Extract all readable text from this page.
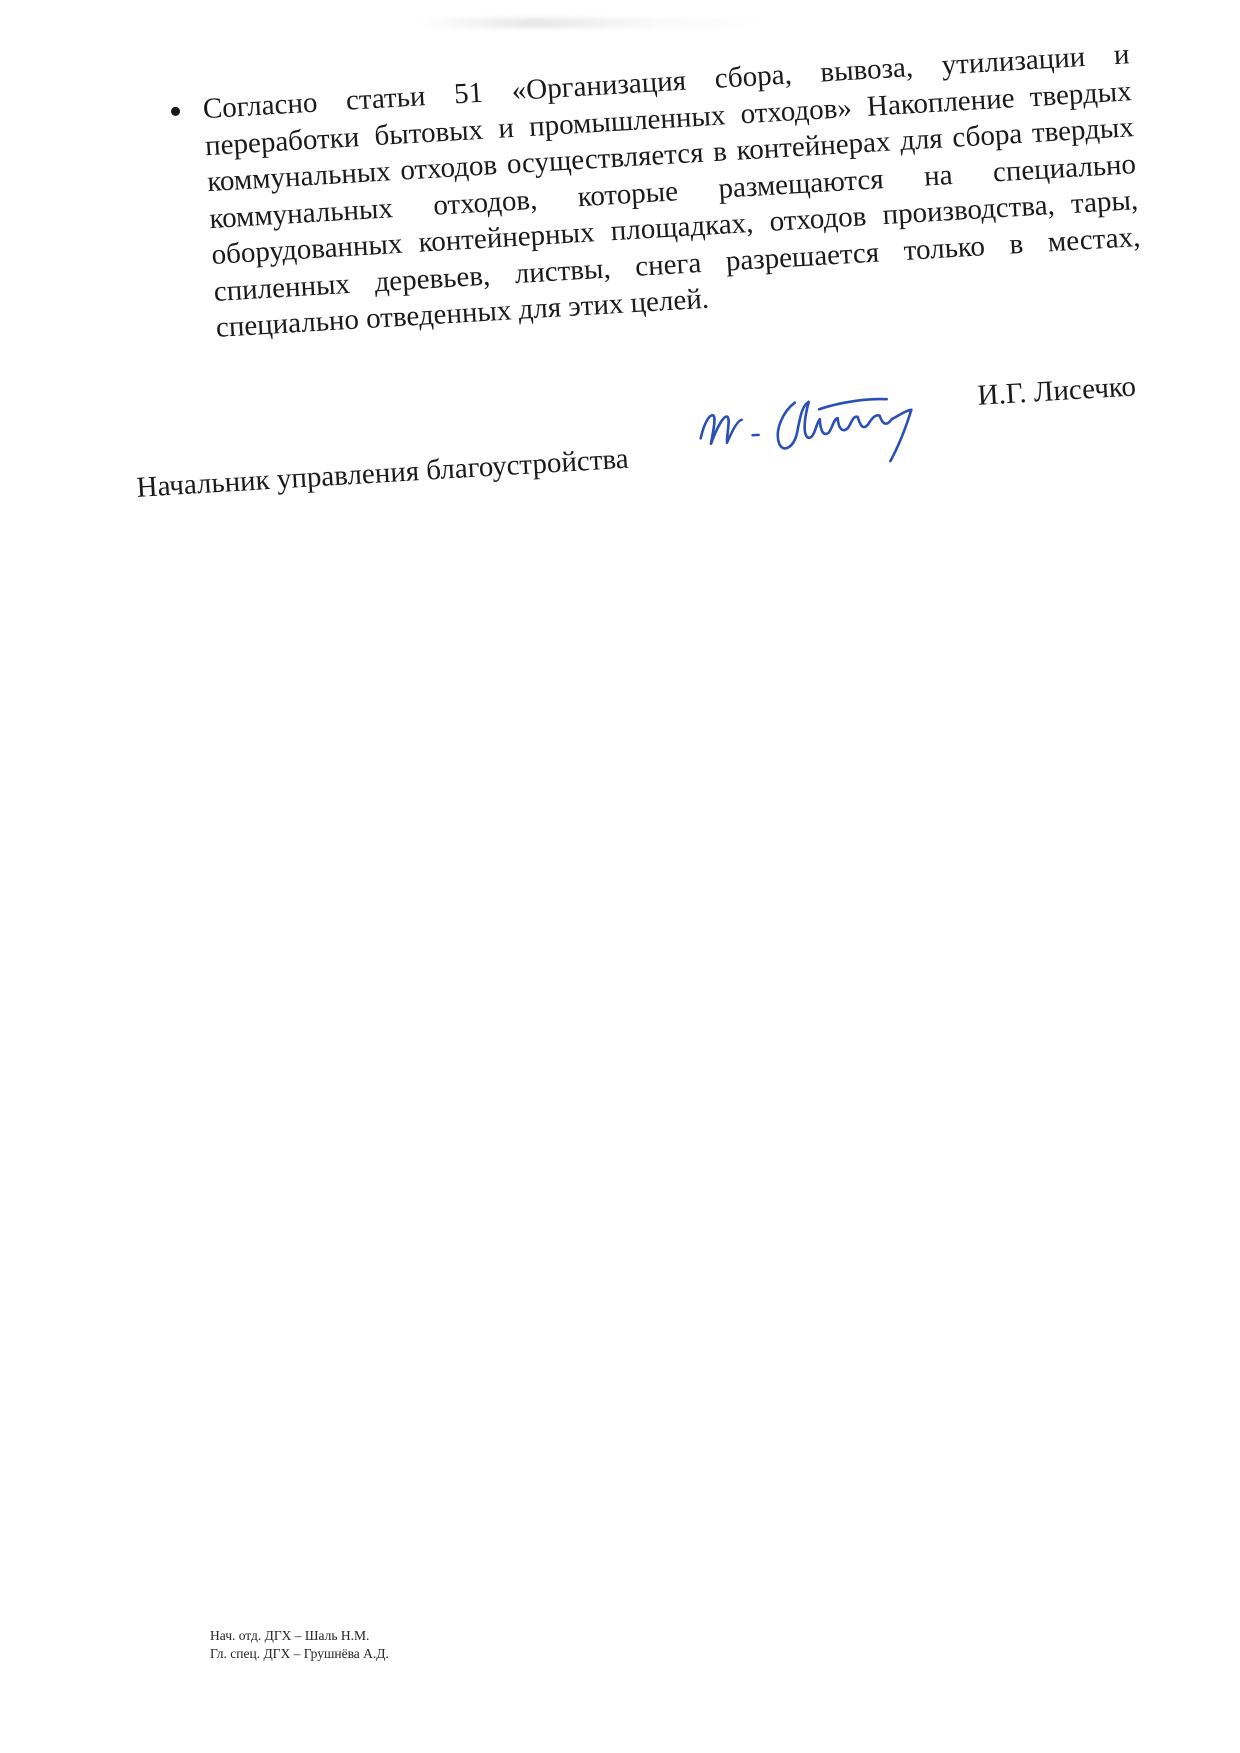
Согласно статьи 51 «Организация сбора, вывоза, утилизации и переработки бытовых и промышленных отходов» Накопление твердых коммунальных отходов осуществляется в контейнерах для сбора твердых коммунальных отходов, которые размещаются на специально оборудованных контейнерных площадках, отходов производства, тары, спиленных деревьев, листвы, снега разрешается только в местах, специально отведенных для этих целей.
Начальник управления благоустройства
И.Г. Лисечко
Нач. отд. ДГХ – Шаль Н.М.
Гл. спец. ДГХ – Грушнёва А.Д.
